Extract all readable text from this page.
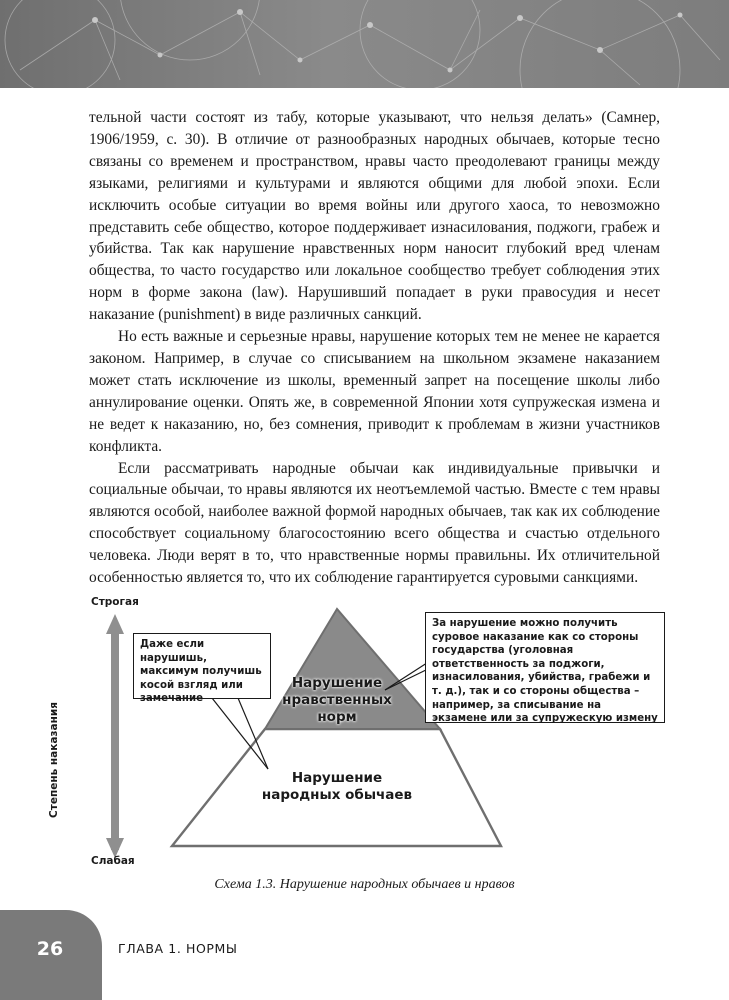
тельной части состоят из табу, которые указывают, что нельзя делать» (Самнер, 1906/1959, с. 30). В отличие от разнообразных народных обычаев, которые тесно связаны со временем и пространством, нравы часто преодолевают границы между языками, религиями и культурами и являются общими для любой эпохи. Если исключить особые ситуации во время войны или другого хаоса, то невозможно представить себе общество, которое поддерживает изнасилования, поджоги, грабеж и убийства. Так как нарушение нравственных норм наносит глубокий вред членам общества, то часто государство или локальное сообщество требует соблюдения этих норм в форме закона (law). Нарушивший попадает в руки правосудия и несет наказание (punishment) в виде различных санкций.

Но есть важные и серьезные нравы, нарушение которых тем не менее не карается законом. Например, в случае со списыванием на школьном экзамене наказанием может стать исключение из школы, временный запрет на посещение школы либо аннулирование оценки. Опять же, в современной Японии хотя супружеская измена и не ведет к наказанию, но, без сомнения, приводит к проблемам в жизни участников конфликта.

Если рассматривать народные обычаи как индивидуальные привычки и социальные обычаи, то нравы являются их неотъемлемой частью. Вместе с тем нравы являются особой, наиболее важной формой народных обычаев, так как их соблюдение способствует социальному благосостоянию всего общества и счастью отдельного человека. Люди верят в то, что нравственные нормы правильны. Их отличительной особенностью является то, что их соблюдение гарантируется суровыми санкциями.

Строгая
Слабая
Степень наказания
Даже если нарушишь, максимум получишь косой взгляд или замечание
За нарушение можно получить суровое наказание как со стороны государства (уголовная ответственность за поджоги, изнасилования, убийства, грабежи и т. д.), так и со стороны общества – например, за списывание на экзамене или за супружескую измену
Нарушение нравственных норм
Нарушение народных обычаев
Схема 1.3. Нарушение народных обычаев и нравов
26	ГЛАВА 1. НОРМЫ
